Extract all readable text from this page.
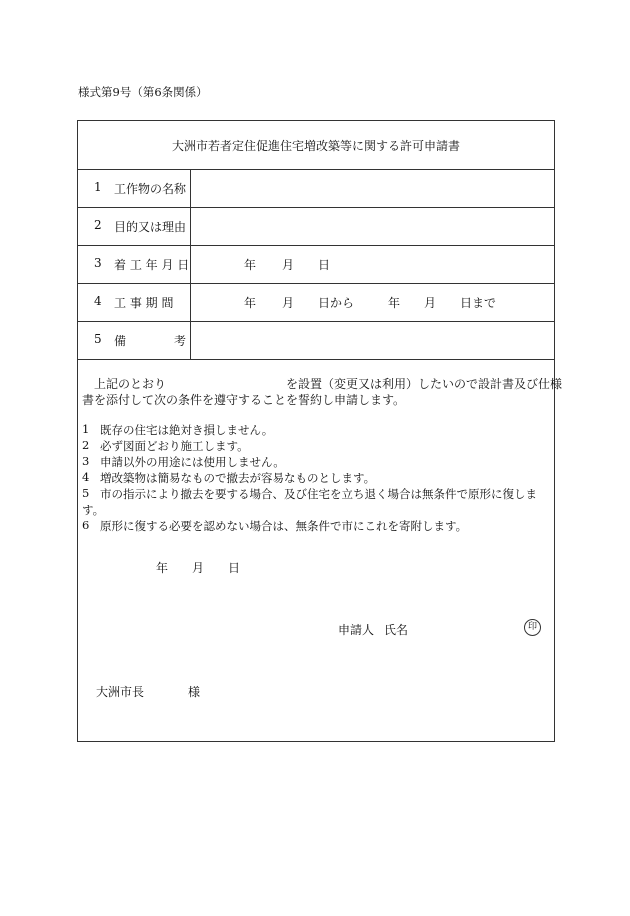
様式第9号（第6条関係）
大洲市若者定住促進住宅増改築等に関する許可申請書
1 工作物の名称
2 目的又は理由
3 着 工 年 月 日	年 月 日
4 工 事 期 間	年 月 日から	年 月 日まで
5 備	考
上記のとおり	を設置（変更又は利用）したいので設計書及び仕様
書を添付して次の条件を遵守することを誓約し申請します。
1 既存の住宅は絶対き損しません。
2 必ず図面どおり施工します。
3 申請以外の用途には使用しません。
4 増改築物は簡易なもので撤去が容易なものとします。
5 市の指示により撤去を要する場合、及び住宅を立ち退く場合は無条件で原形に復しま
す。
6 原形に復する必要を認めない場合は、無条件で市にこれを寄附します。
年 月 日
申請人 氏名	印
大洲市長	様
